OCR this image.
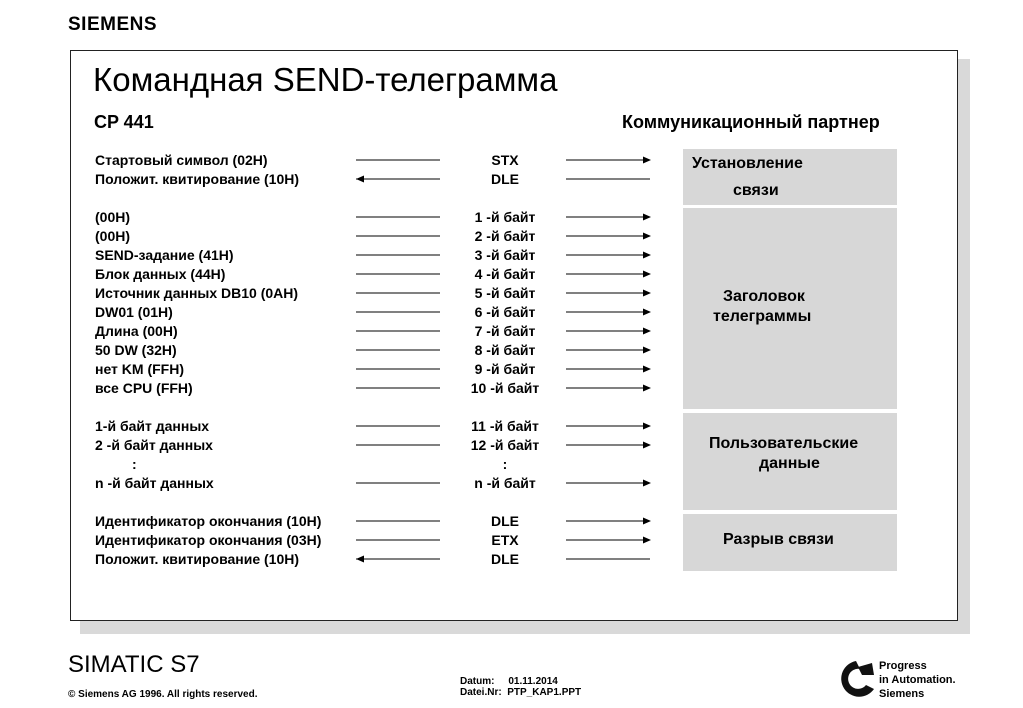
SIEMENS
Командная SEND-телеграмма
CP 441	Коммуникационный партнер
Установление
связи
Заголовок
телеграммы
Пользовательские
данные
Разрыв связи
Стартовый символ (02H)	STX
Положит. квитирование (10H)	DLE
(00H)	1 -й байт
(00H)	2 -й байт
SEND-задание (41H)	3 -й байт
Блок данных (44H)	4 -й байт
Источник данных DB10 (0AH)	5 -й байт
DW01 (01H)	6 -й байт
Длина (00H)	7 -й байт
50 DW (32H)	8 -й байт
нет KM (FFH)	9 -й байт
все CPU (FFH)	10 -й байт
1-й байт данных	11 -й байт
2 -й байт данных	12 -й байт
:	:
n -й байт данных	n -й байт
Идентификатор окончания (10H)	DLE
Идентификатор окончания (03H)	ETX
Положит. квитирование (10H)	DLE
SIMATIC S7
© Siemens AG 1996. All rights reserved.
Datum:     01.11.2014
Datei.Nr:  PTP_KAP1.PPT
Progress
in Automation.
Siemens
